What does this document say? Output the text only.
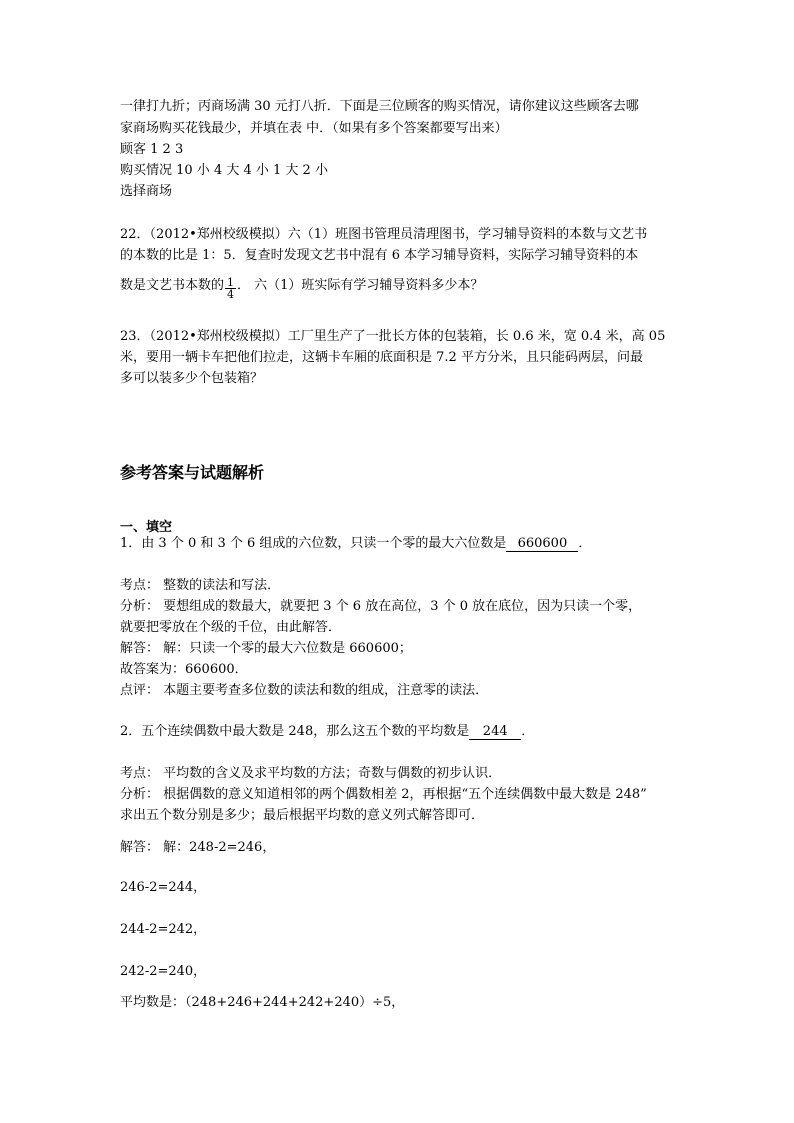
一律打九折；丙商场满 30 元打八折．下面是三位顾客的购买情况，请你建议这些顾客去哪
家商场购买花钱最少，并填在表 中．（如果有多个答案都要写出来）
顾客 1 2 3
购买情况 10 小 4 大 4 小 1 大 2 小
选择商场
22．（2012•郑州校级模拟）六（1）班图书管理员清理图书，学习辅导资料的本数与文艺书
的本数的比是 1：5．复查时发现文艺书中混有 6 本学习辅导资料，实际学习辅导资料的本
数是文艺书本数的 $\frac{1}{4}$ ． 六（1）班实际有学习辅导资料多少本？
23．（2012•郑州校级模拟）工厂里生产了一批长方体的包装箱，长 0.6 米，宽 0.4 米，高 05
米，要用一辆卡车把他们拉走，这辆卡车厢的底面积是 7.2 平方分米，且只能码两层，问最
多可以装多少个包装箱？
参考答案与试题解析
一、填空
1．由 3 个 0 和 3 个 6 组成的六位数，只读一个零的最大六位数是 660600 ．
考点： 整数的读法和写法．
分析： 要想组成的数最大，就要把 3 个 6 放在高位，3 个 0 放在底位，因为只读一个零，
就要把零放在个级的千位，由此解答．
解答： 解：只读一个零的最大六位数是 660600；
故答案为：660600．
点评： 本题主要考查多位数的读法和数的组成，注意零的读法．
2．五个连续偶数中最大数是 248，那么这五个数的平均数是 244 ．
考点： 平均数的含义及求平均数的方法；奇数与偶数的初步认识．
分析： 根据偶数的意义知道相邻的两个偶数相差 2，再根据“五个连续偶数中最大数是 248”
求出五个数分别是多少；最后根据平均数的意义列式解答即可．
解答： 解：248-2=246，
246-2=244，
244-2=242，
242-2=240，
平均数是：（248+246+244+242+240）÷5，
